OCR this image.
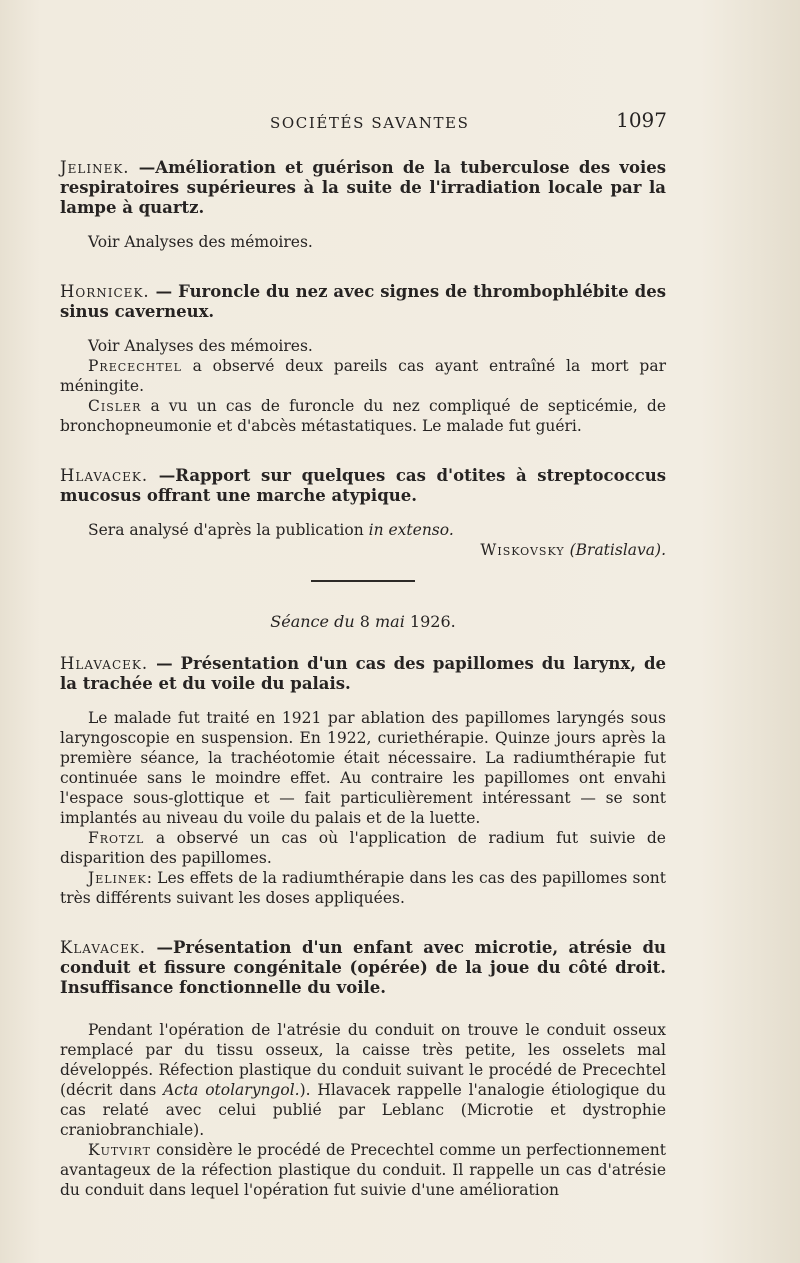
SOCIÉTÉS SAVANTES	1097

Jelinek. —Amélioration et guérison de la tuberculose des voies respiratoires supérieures à la suite de l'irradiation locale par la lampe à quartz.

Voir Analyses des mémoires.

Hornicek. — Furoncle du nez avec signes de thrombophlébite des sinus caverneux.

Voir Analyses des mémoires.

Precechtel a observé deux pareils cas ayant entraîné la mort par méningite.

Cisler a vu un cas de furoncle du nez compliqué de septicémie, de bronchopneumonie et d'abcès métastatiques. Le malade fut guéri.

Hlavacek. —Rapport sur quelques cas d'otites à streptococcus mucosus offrant une marche atypique.

Sera analysé d'après la publication in extenso.

Wiskovsky (Bratislava).

Séance du 8 mai 1926.

Hlavacek. — Présentation d'un cas des papillomes du larynx, de la trachée et du voile du palais.

Le malade fut traité en 1921 par ablation des papillomes laryngés sous laryngoscopie en suspension. En 1922, curiethérapie. Quinze jours après la première séance, la trachéotomie était nécessaire. La radiumthérapie fut continuée sans le moindre effet. Au contraire les papillomes ont envahi l'espace sous-glottique et — fait particulièrement intéressant — se sont implantés au niveau du voile du palais et de la luette.

Frotzl a observé un cas où l'application de radium fut suivie de disparition des papillomes.

Jelinek: Les effets de la radiumthérapie dans les cas des papillomes sont très différents suivant les doses appliquées.

Klavacek. —Présentation d'un enfant avec microtie, atrésie du conduit et fissure congénitale (opérée) de la joue du côté droit. Insuffisance fonctionnelle du voile.

Pendant l'opération de l'atrésie du conduit on trouve le conduit osseux remplacé par du tissu osseux, la caisse très petite, les osselets mal développés. Réfection plastique du conduit suivant le procédé de Precechtel (décrit dans Acta otolaryngol.). Hlavacek rappelle l'analogie étiologique du cas relaté avec celui publié par Leblanc (Microtie et dystrophie craniobranchiale).

Kutvirt considère le procédé de Precechtel comme un perfectionnement avantageux de la réfection plastique du conduit. Il rappelle un cas d'atrésie du conduit dans lequel l'opération fut suivie d'une amélioration
